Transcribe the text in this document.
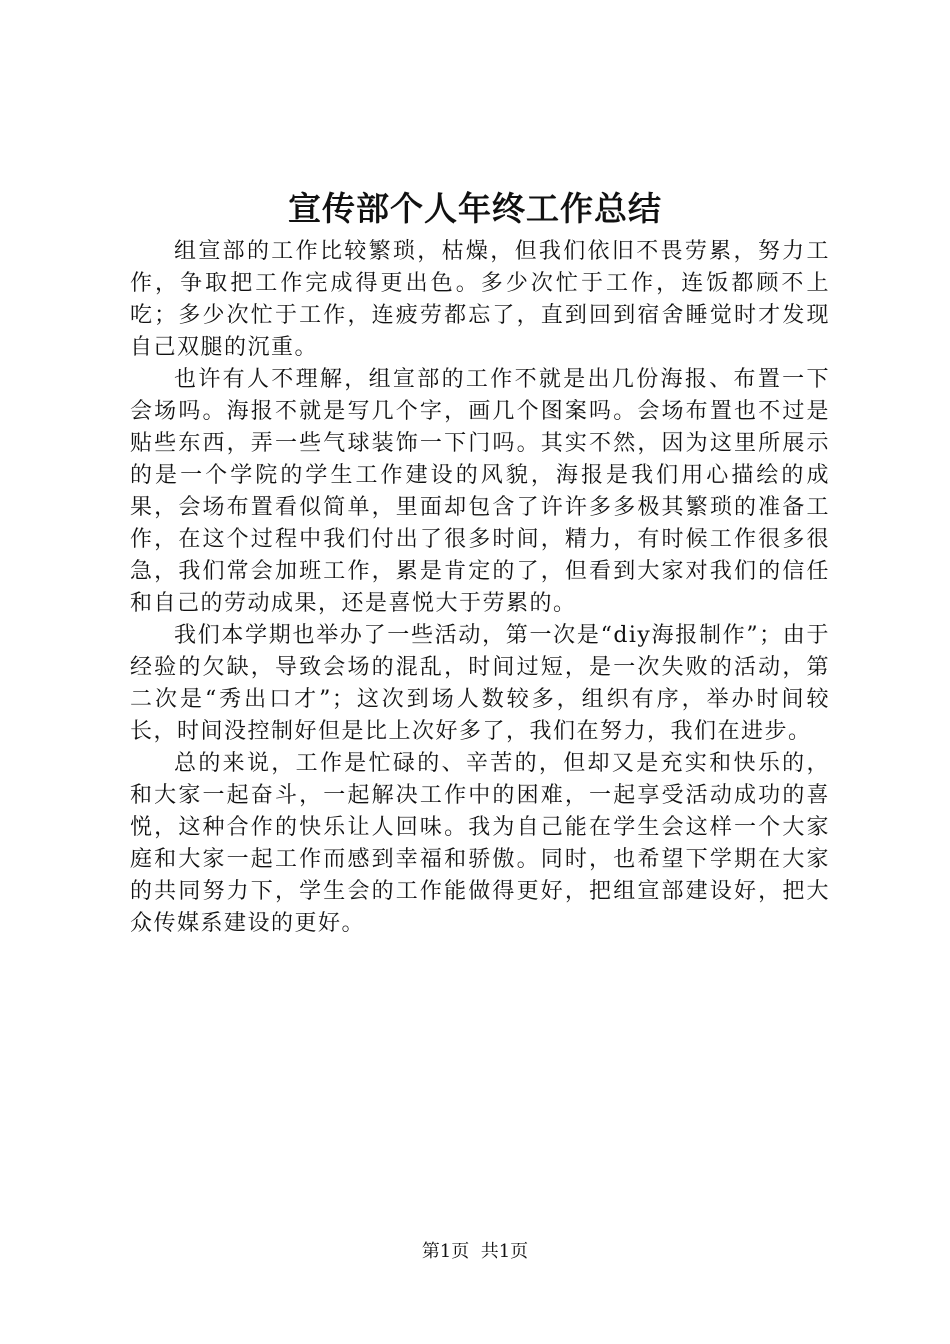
宣传部个人年终工作总结

组宣部的工作比较繁琐，枯燥，但我们依旧不畏劳累，努力工作，争取把工作完成得更出色。多少次忙于工作，连饭都顾不上吃；多少次忙于工作，连疲劳都忘了，直到回到宿舍睡觉时才发现自己双腿的沉重。

也许有人不理解，组宣部的工作不就是出几份海报、布置一下会场吗。海报不就是写几个字，画几个图案吗。会场布置也不过是贴些东西，弄一些气球装饰一下门吗。其实不然，因为这里所展示的是一个学院的学生工作建设的风貌，海报是我们用心描绘的成果，会场布置看似简单，里面却包含了许许多多极其繁琐的准备工作，在这个过程中我们付出了很多时间，精力，有时候工作很多很急，我们常会加班工作，累是肯定的了，但看到大家对我们的信任和自己的劳动成果，还是喜悦大于劳累的。

我们本学期也举办了一些活动，第一次是“diy海报制作”；由于经验的欠缺，导致会场的混乱，时间过短，是一次失败的活动，第二次是“秀出口才”；这次到场人数较多，组织有序，举办时间较长，时间没控制好但是比上次好多了，我们在努力，我们在进步。

总的来说，工作是忙碌的、辛苦的，但却又是充实和快乐的，和大家一起奋斗，一起解决工作中的困难，一起享受活动成功的喜悦，这种合作的快乐让人回味。我为自己能在学生会这样一个大家庭和大家一起工作而感到幸福和骄傲。同时，也希望下学期在大家的共同努力下，学生会的工作能做得更好，把组宣部建设好，把大众传媒系建设的更好。

第1页 共1页
